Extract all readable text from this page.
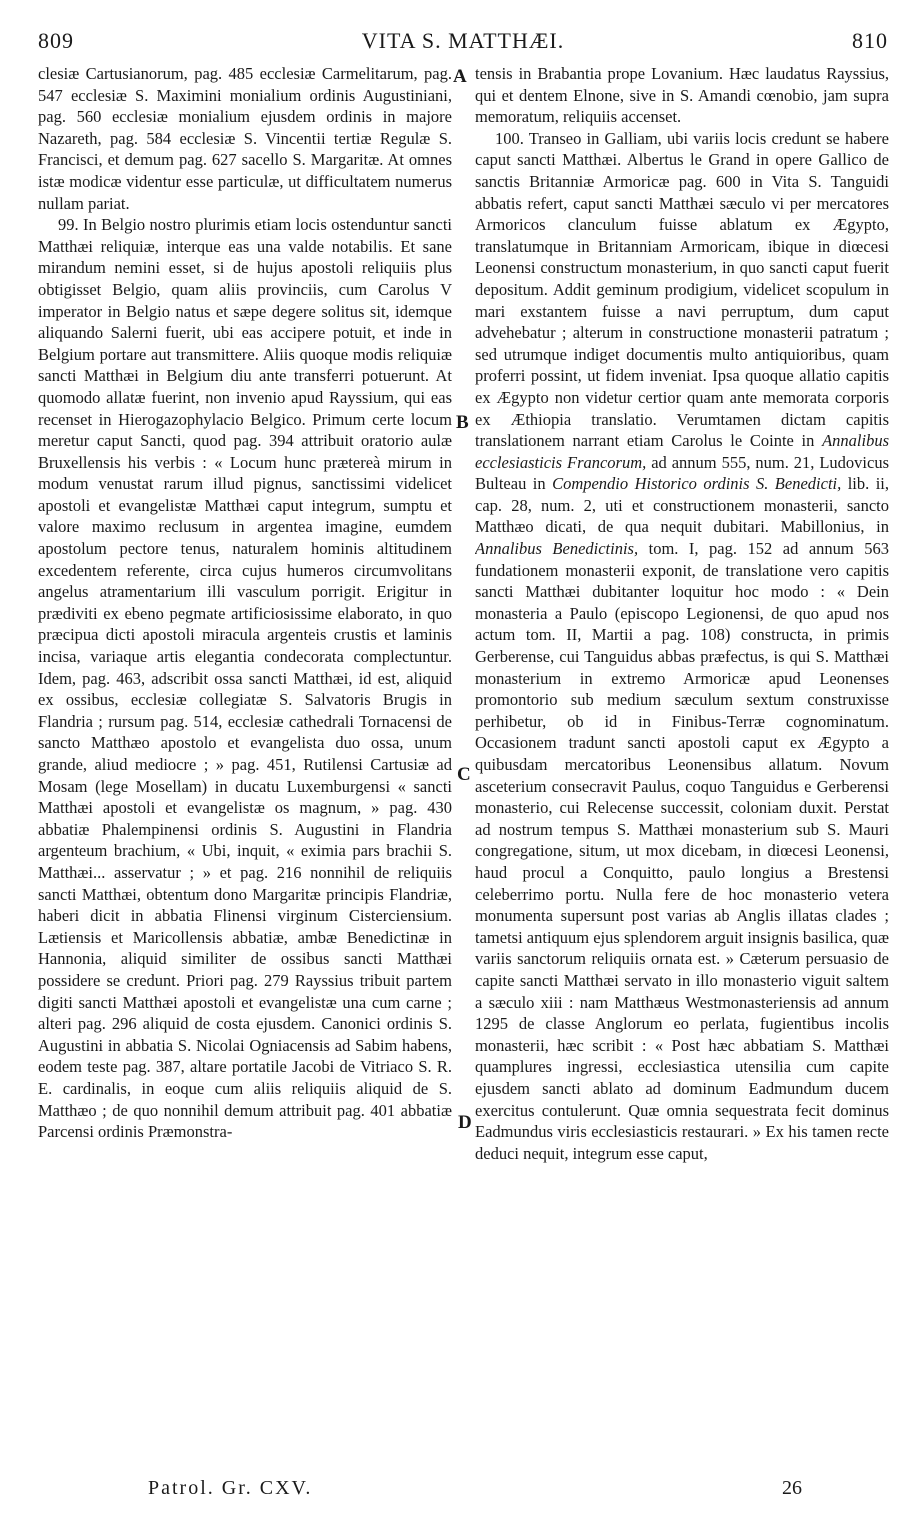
809	VITA S. MATTHÆI.	810

clesiæ Cartusianorum, pag. 485 ecclesiæ Carmelitarum, pag. 547 ecclesiæ S. Maximini monialium ordinis Augustiniani, pag. 560 ecclesiæ monialium ejusdem ordinis in majore Nazareth, pag. 584 ecclesiæ S. Vincentii tertiæ Regulæ S. Francisci, et demum pag. 627 sacello S. Margaritæ. At omnes istæ modicæ videntur esse particulæ, ut difficultatem numerus nullam pariat.

99. In Belgio nostro plurimis etiam locis ostenduntur sancti Matthæi reliquiæ, interque eas una valde notabilis. Et sane mirandum nemini esset, si de hujus apostoli reliquiis plus obtigisset Belgio, quam aliis provinciis, cum Carolus V imperator in Belgio natus et sæpe degere solitus sit, idemque aliquando Salerni fuerit, ubi eas accipere potuit, et inde in Belgium portare aut transmittere. Aliis quoque modis reliquiæ sancti Matthæi in Belgium diu ante transferri potuerunt. At quomodo allatæ fuerint, non invenio apud Rayssium, qui eas recenset in Hierogazophylacio Belgico. Primum certe locum meretur caput Sancti, quod pag. 394 attribuit oratorio aulæ Bruxellensis his verbis : « Locum hunc prætereà mirum in modum venustat rarum illud pignus, sanctissimi videlicet apostoli et evangelistæ Matthæi caput integrum, sumptu et valore maximo reclusum in argentea imagine, eumdem apostolum pectore tenus, naturalem hominis altitudinem excedentem referente, circa cujus humeros circumvolitans angelus atramentarium illi vasculum porrigit. Erigitur in prædiviti ex ebeno pegmate artificiosissime elaborato, in quo præcipua dicti apostoli miracula argenteis crustis et laminis incisa, variaque artis elegantia condecorata complectuntur. Idem, pag. 463, adscribit ossa sancti Matthæi, id est, aliquid ex ossibus, ecclesiæ collegiatæ S. Salvatoris Brugis in Flandria ; rursum pag. 514, ecclesiæ cathedrali Tornacensi de sancto Matthæo apostolo et evangelista duo ossa, unum grande, aliud mediocre ; » pag. 451, Rutilensi Cartusiæ ad Mosam (lege Mosellam) in ducatu Luxemburgensi « sancti Matthæi apostoli et evangelistæ os magnum, » pag. 430 abbatiæ Phalempinensi ordinis S. Augustini in Flandria argenteum brachium, « Ubi, inquit, « eximia pars brachii S. Matthæi... asservatur ; » et pag. 216 nonnihil de reliquiis sancti Matthæi, obtentum dono Margaritæ principis Flandriæ, haberi dicit in abbatia Flinensi virginum Cisterciensium. Lætiensis et Maricollensis abbatiæ, ambæ Benedictinæ in Hannonia, aliquid similiter de ossibus sancti Matthæi possidere se credunt. Priori pag. 279 Rayssius tribuit partem digiti sancti Matthæi apostoli et evangelistæ una cum carne ; alteri pag. 296 aliquid de costa ejusdem. Canonici ordinis S. Augustini in abbatia S. Nicolai Ogniacensis ad Sabim habens, eodem teste pag. 387, altare portatile Jacobi de Vitriaco S. R. E. cardinalis, in eoque cum aliis reliquiis aliquid de S. Matthæo ; de quo nonnihil demum attribuit pag. 401 abbatiæ Parcensi ordinis Præmonstra-

tensis in Brabantia prope Lovanium. Hæc laudatus Rayssius, qui et dentem Elnone, sive in S. Amandi cœnobio, jam supra memoratum, reliquiis accenset.

100. Transeo in Galliam, ubi variis locis credunt se habere caput sancti Matthæi. Albertus le Grand in opere Gallico de sanctis Britanniæ Armoricæ pag. 600 in Vita S. Tanguidi abbatis refert, caput sancti Matthæi sæculo vi per mercatores Armoricos clanculum fuisse ablatum ex Ægypto, translatumque in Britanniam Armoricam, ibique in diœcesi Leonensi constructum monasterium, in quo sancti caput fuerit depositum. Addit geminum prodigium, videlicet scopulum in mari exstantem fuisse a navi perruptum, dum caput advehebatur ; alterum in constructione monasterii patratum ; sed utrumque indiget documentis multo antiquioribus, quam proferri possint, ut fidem inveniat. Ipsa quoque allatio capitis ex Ægypto non videtur certior quam ante memorata corporis ex Æthiopia translatio. Verumtamen dictam capitis translationem narrant etiam Carolus le Cointe in Annalibus ecclesiasticis Francorum, ad annum 555, num. 21, Ludovicus Bulteau in Compendio Historico ordinis S. Benedicti, lib. ii, cap. 28, num. 2, uti et constructionem monasterii, sancto Matthæo dicati, de qua nequit dubitari. Mabillonius, in Annalibus Benedictinis, tom. I, pag. 152 ad annum 563 fundationem monasterii exponit, de translatione vero capitis sancti Matthæi dubitanter loquitur hoc modo : « Dein monasteria a Paulo (episcopo Legionensi, de quo apud nos actum tom. II, Martii a pag. 108) constructa, in primis Gerberense, cui Tanguidus abbas præfectus, is qui S. Matthæi monasterium in extremo Armoricæ apud Leonenses promontorio sub medium sæculum sextum construxisse perhibetur, ob id in Finibus-Terræ cognominatum. Occasionem tradunt sancti apostoli caput ex Ægypto a quibusdam mercatoribus Leonensibus allatum. Novum asceterium consecravit Paulus, coquo Tanguidus e Gerberensi monasterio, cui Relecense successit, coloniam duxit. Perstat ad nostrum tempus S. Matthæi monasterium sub S. Mauri congregatione, situm, ut mox dicebam, in diœcesi Leonensi, haud procul a Conquitto, paulo longius a Brestensi celeberrimo portu. Nulla fere de hoc monasterio vetera monumenta supersunt post varias ab Anglis illatas clades ; tametsi antiquum ejus splendorem arguit insignis basilica, quæ variis sanctorum reliquiis ornata est. » Cæterum persuasio de capite sancti Matthæi servato in illo monasterio viguit saltem a sæculo xiii : nam Matthæus Westmonasteriensis ad annum 1295 de classe Anglorum eo perlata, fugientibus incolis monasterii, hæc scribit : « Post hæc abbatiam S. Matthæi quamplures ingressi, ecclesiastica utensilia cum capite ejusdem sancti ablato ad dominum Eadmundum ducem exercitus contulerunt. Quæ omnia sequestrata fecit dominus Eadmundus viris ecclesiasticis restaurari. » Ex his tamen recte deduci nequit, integrum esse caput,

A
B
C
D
Patrol. Gr. CXV.	26
